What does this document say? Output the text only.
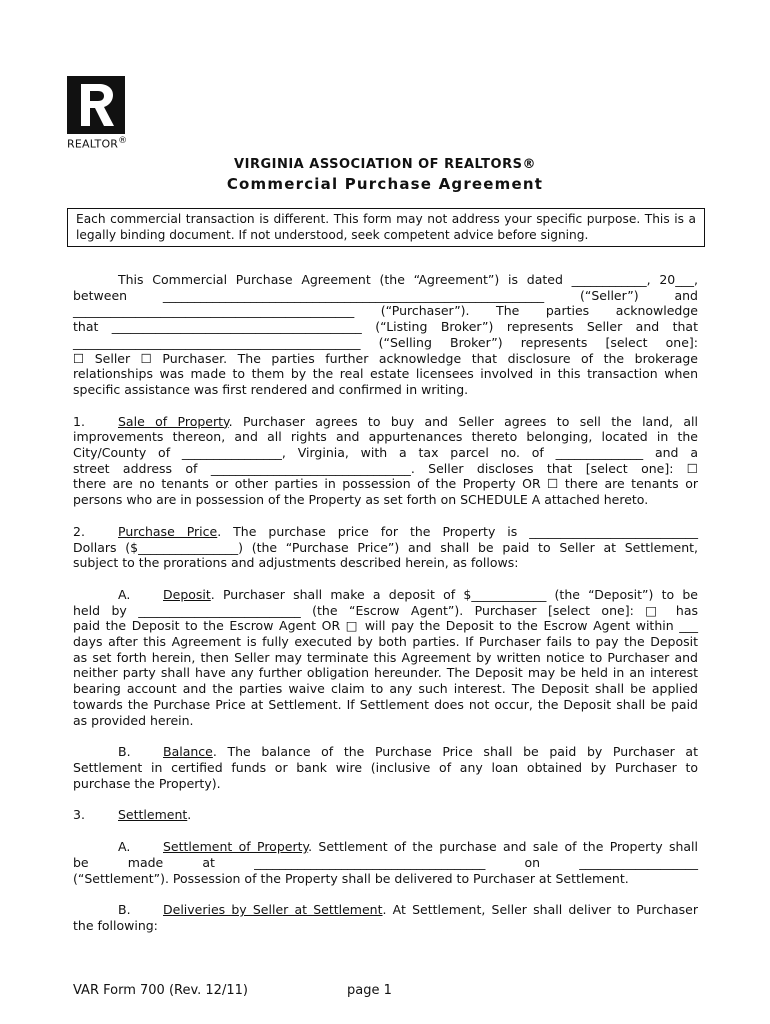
REALTOR®
VIRGINIA ASSOCIATION OF REALTORS®
Commercial Purchase Agreement
Each commercial transaction is different. This form may not address your specific purpose. This is a legally binding document. If not understood, seek competent advice before signing.
This Commercial Purchase Agreement (the “Agreement”) is dated ____________, 20___,
between _____________________________________________________________ (“Seller”) and
_____________________________________________ (“Purchaser”). The parties acknowledge
that ________________________________________ (“Listing Broker”) represents Seller and that
______________________________________________ (“Selling Broker”) represents [select one]:
☐ Seller ☐ Purchaser. The parties further acknowledge that disclosure of the brokerage
relationships was made to them by the real estate licensees involved in this transaction when
specific assistance was first rendered and confirmed in writing.
1.	Sale of Property. Purchaser agrees to buy and Seller agrees to sell the land, all
improvements thereon, and all rights and appurtenances thereto belonging, located in the
City/County of ________________, Virginia, with a tax parcel no. of ______________ and a
street address of ________________________________. Seller discloses that [select one]: ☐
there are no tenants or other parties in possession of the Property OR ☐ there are tenants or
persons who are in possession of the Property as set forth on SCHEDULE A attached hereto.
2.	Purchase Price. The purchase price for the Property is ___________________________
Dollars ($________________) (the “Purchase Price”) and shall be paid to Seller at Settlement,
subject to the prorations and adjustments described herein, as follows:
A.	Deposit. Purchaser shall make a deposit of $____________ (the “Deposit”) to be
held by __________________________ (the “Escrow Agent”). Purchaser [select one]: □ has
paid the Deposit to the Escrow Agent OR □ will pay the Deposit to the Escrow Agent within ___
days after this Agreement is fully executed by both parties. If Purchaser fails to pay the Deposit
as set forth herein, then Seller may terminate this Agreement by written notice to Purchaser and
neither party shall have any further obligation hereunder. The Deposit may be held in an interest
bearing account and the parties waive claim to any such interest. The Deposit shall be applied
towards the Purchase Price at Settlement. If Settlement does not occur, the Deposit shall be paid
as provided herein.
B.	Balance. The balance of the Purchase Price shall be paid by Purchaser at
Settlement in certified funds or bank wire (inclusive of any loan obtained by Purchaser to
purchase the Property).
3.	Settlement.
A.	Settlement of Property. Settlement of the purchase and sale of the Property shall
be made at _____________________________________ on ___________________
(“Settlement”). Possession of the Property shall be delivered to Purchaser at Settlement.
B.	Deliveries by Seller at Settlement. At Settlement, Seller shall deliver to Purchaser
the following:
VAR Form 700 (Rev. 12/11)	page 1
